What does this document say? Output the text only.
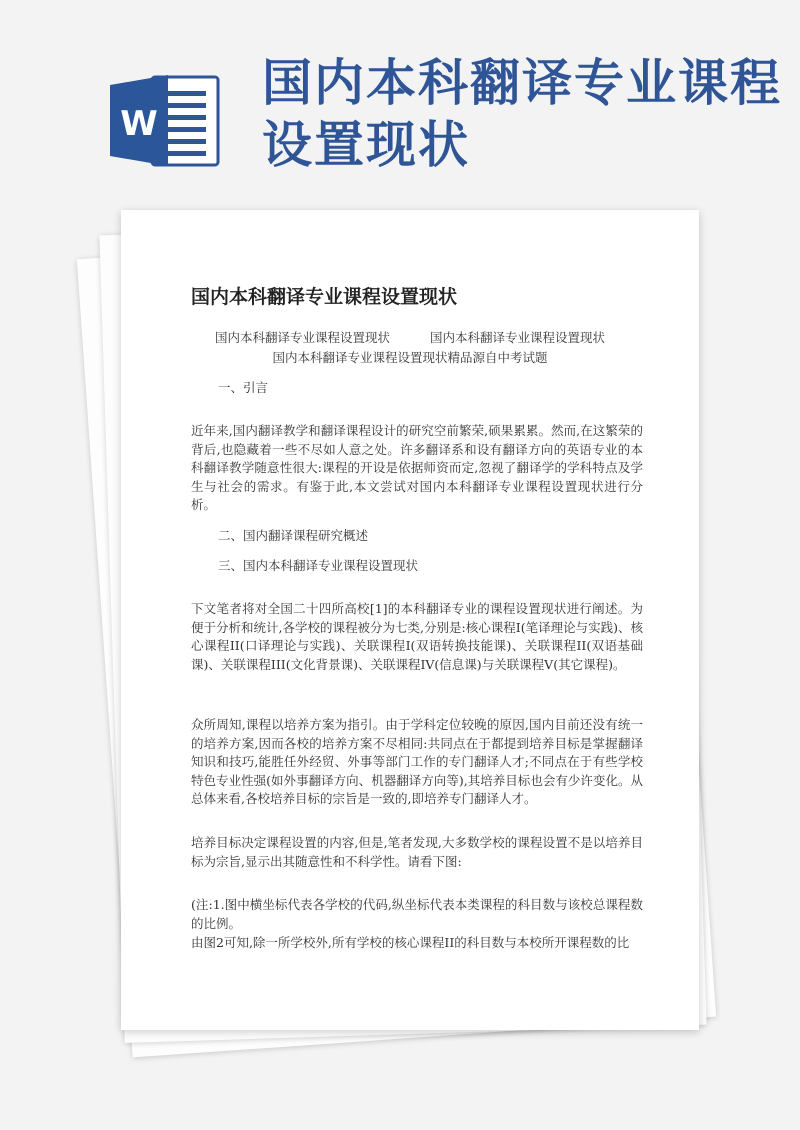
W
国内本科翻译专业课程
设置现状
国内本科翻译专业课程设置现状
国内本科翻译专业课程设置现状	国内本科翻译专业课程设置现状
国内本科翻译专业课程设置现状精品源自中考试题
一、引言
近年来,国内翻译教学和翻译课程设计的研究空前繁荣,硕果累累。然而,在这繁荣的背后,也隐藏着一些不尽如人意之处。许多翻译系和设有翻译方向的英语专业的本科翻译教学随意性很大:课程的开设是依据师资而定,忽视了翻译学的学科特点及学生与社会的需求。有鉴于此,本文尝试对国内本科翻译专业课程设置现状进行分析。
二、国内翻译课程研究概述
三、国内本科翻译专业课程设置现状
下文笔者将对全国二十四所高校[1]的本科翻译专业的课程设置现状进行阐述。为便于分析和统计,各学校的课程被分为七类,分别是:核心课程I(笔译理论与实践)、核心课程II(口译理论与实践)、关联课程I(双语转换技能课)、关联课程II(双语基础课)、关联课程III(文化背景课)、关联课程IV(信息课)与关联课程V(其它课程)。
众所周知,课程以培养方案为指引。由于学科定位较晚的原因,国内目前还没有统一的培养方案,因而各校的培养方案不尽相同:共同点在于都提到培养目标是掌握翻译知识和技巧,能胜任外经贸、外事等部门工作的专门翻译人才;不同点在于有些学校特色专业性强(如外事翻译方向、机器翻译方向等),其培养目标也会有少许变化。从总体来看,各校培养目标的宗旨是一致的,即培养专门翻译人才。
培养目标决定课程设置的内容,但是,笔者发现,大多数学校的课程设置不是以培养目标为宗旨,显示出其随意性和不科学性。请看下图:
(注:1.图中横坐标代表各学校的代码,纵坐标代表本类课程的科目数与该校总课程数的比例。
由图2可知,除一所学校外,所有学校的核心课程II的科目数与本校所开课程数的比
